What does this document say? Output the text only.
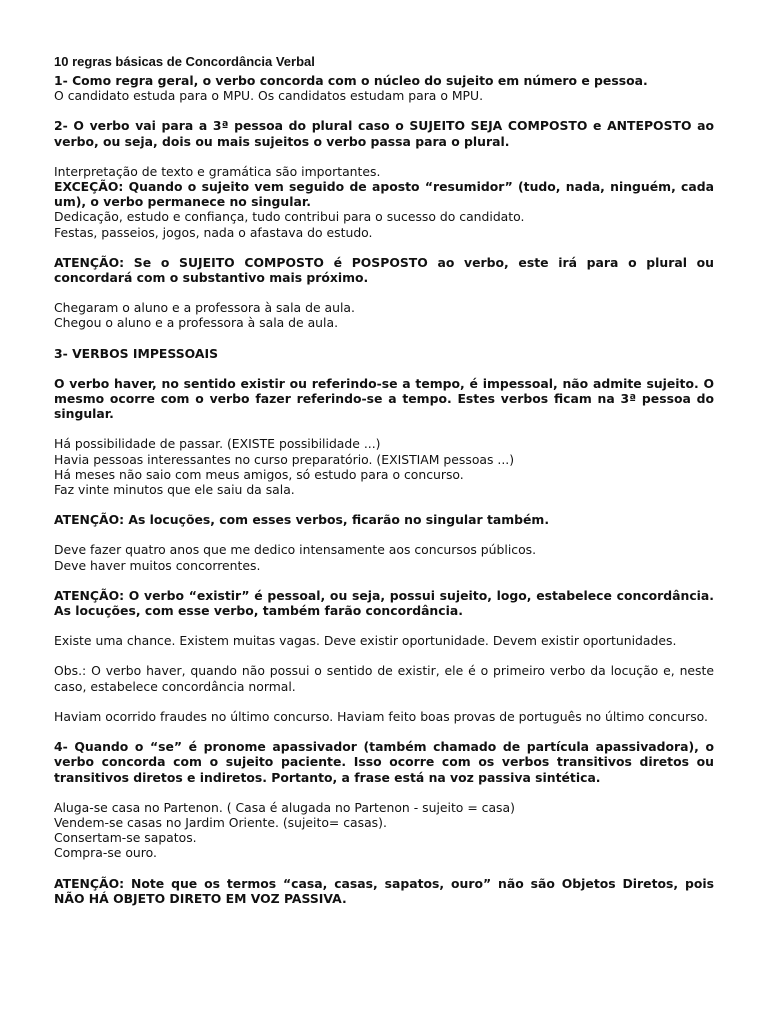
10 regras básicas de Concordância Verbal

1- Como regra geral, o verbo concorda com o núcleo do sujeito em número e pessoa.

O candidato estuda para o MPU. Os candidatos estudam para o MPU.

2- O verbo vai para a 3ª pessoa do plural caso o SUJEITO SEJA COMPOSTO e ANTEPOSTO ao verbo, ou seja, dois ou mais sujeitos o verbo passa para o plural.

Interpretação de texto e gramática são importantes.

EXCEÇÃO: Quando o sujeito vem seguido de aposto “resumidor” (tudo, nada, ninguém, cada um), o verbo permanece no singular.

Dedicação, estudo e confiança, tudo contribui para o sucesso do candidato.

Festas, passeios, jogos, nada o afastava do estudo.

ATENÇÃO: Se o SUJEITO COMPOSTO é POSPOSTO ao verbo, este irá para o plural ou concordará com o substantivo mais próximo.

Chegaram o aluno e a professora à sala de aula.

Chegou o aluno e a professora à sala de aula.

3- VERBOS IMPESSOAIS

O verbo haver, no sentido existir ou referindo-se a tempo, é impessoal, não admite sujeito. O mesmo ocorre com o verbo fazer referindo-se a tempo. Estes verbos ficam na 3ª pessoa do singular.

Há possibilidade de passar. (EXISTE possibilidade ...)

Havia pessoas interessantes no curso preparatório. (EXISTIAM pessoas ...)

Há meses não saio com meus amigos, só estudo para o concurso.

Faz vinte minutos que ele saiu da sala.

ATENÇÃO: As locuções, com esses verbos, ficarão no singular também.

Deve fazer quatro anos que me dedico intensamente aos concursos públicos.

Deve haver muitos concorrentes.

ATENÇÃO: O verbo “existir” é pessoal, ou seja, possui sujeito, logo, estabelece concordância. As locuções, com esse verbo, também farão concordância.

Existe uma chance. Existem muitas vagas. Deve existir oportunidade. Devem existir oportunidades.

Obs.: O verbo haver, quando não possui o sentido de existir, ele é o primeiro verbo da locução e, neste caso, estabelece concordância normal.

Haviam ocorrido fraudes no último concurso. Haviam feito boas provas de português no último concurso.

4- Quando o “se” é pronome apassivador (também chamado de partícula apassivadora), o verbo concorda com o sujeito paciente. Isso ocorre com os verbos transitivos diretos ou transitivos diretos e indiretos. Portanto, a frase está na voz passiva sintética.

Aluga-se casa no Partenon. ( Casa é alugada no Partenon - sujeito = casa)

Vendem-se casas no Jardim Oriente. (sujeito= casas).

Consertam-se sapatos.

Compra-se ouro.

ATENÇÃO: Note que os termos “casa, casas, sapatos, ouro” não são Objetos Diretos, pois NÃO HÁ OBJETO DIRETO EM VOZ PASSIVA.
